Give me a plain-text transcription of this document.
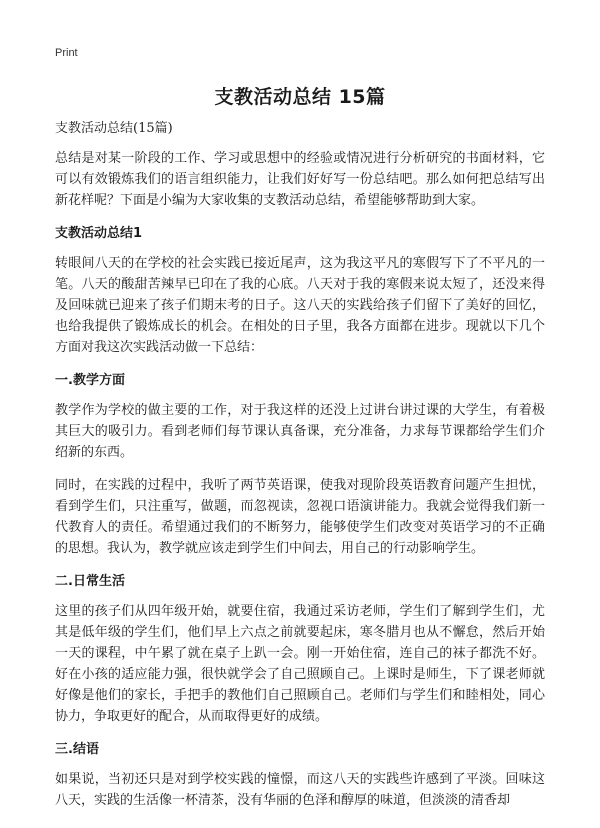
Print
支教活动总结 15篇

支教活动总结(15篇)

总结是对某一阶段的工作、学习或思想中的经验或情况进行分析研究的书面材料，它可以有效锻炼我们的语言组织能力，让我们好好写一份总结吧。那么如何把总结写出新花样呢？下面是小编为大家收集的支教活动总结，希望能够帮助到大家。

支教活动总结1

转眼间八天的在学校的社会实践已接近尾声，这为我这平凡的寒假写下了不平凡的一笔。八天的酸甜苦辣早已印在了我的心底。八天对于我的寒假来说太短了，还没来得及回味就已迎来了孩子们期末考的日子。这八天的实践给孩子们留下了美好的回忆，也给我提供了锻炼成长的机会。在相处的日子里，我各方面都在进步。现就以下几个方面对我这次实践活动做一下总结：

一.教学方面

教学作为学校的做主要的工作，对于我这样的还没上过讲台讲过课的大学生，有着极其巨大的吸引力。看到老师们每节课认真备课，充分准备，力求每节课都给学生们介绍新的东西。

同时，在实践的过程中，我听了两节英语课，使我对现阶段英语教育问题产生担忧，看到学生们，只注重写，做题，而忽视读，忽视口语演讲能力。我就会觉得我们新一代教育人的责任。希望通过我们的不断努力，能够使学生们改变对英语学习的不正确的思想。我认为，教学就应该走到学生们中间去，用自己的行动影响学生。

二.日常生活

这里的孩子们从四年级开始，就要住宿，我通过采访老师，学生们了解到学生们，尤其是低年级的学生们，他们早上六点之前就要起床，寒冬腊月也从不懈怠，然后开始一天的课程，中午累了就在桌子上趴一会。刚一开始住宿，连自己的袜子都洗不好。好在小孩的适应能力强，很快就学会了自己照顾自己。上课时是师生，下了课老师就好像是他们的家长，手把手的教他们自己照顾自己。老师们与学生们和睦相处，同心协力，争取更好的配合，从而取得更好的成绩。

三.结语

如果说，当初还只是对到学校实践的憧憬，而这八天的实践些许感到了平淡。回味这八天，实践的生活像一杯清茶，没有华丽的色泽和醇厚的味道，但淡淡的清香却
